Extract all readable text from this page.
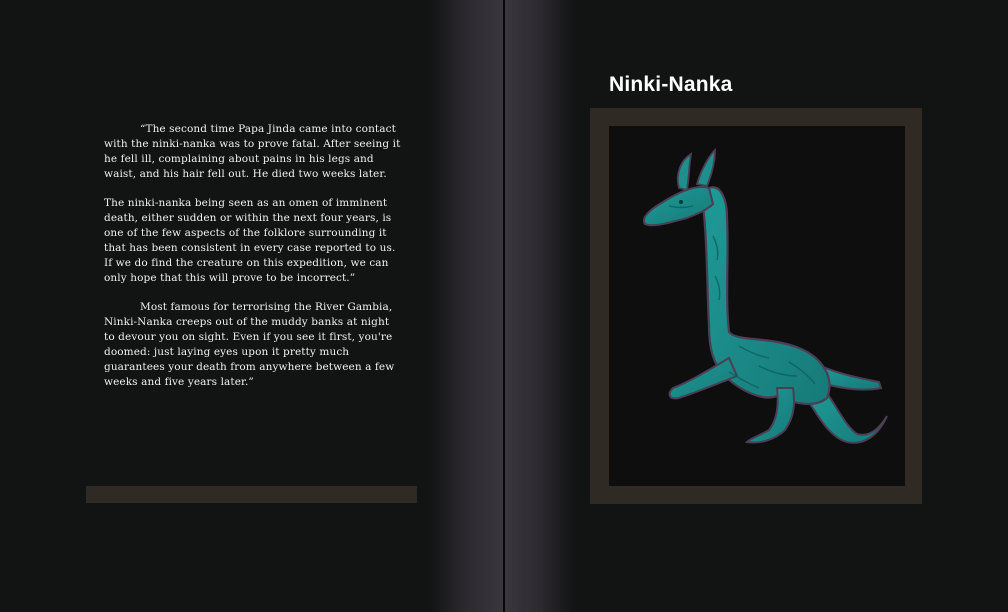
“The second time Papa Jinda came into contact with the ninki-nanka was to prove fatal. After seeing it he fell ill, complaining about pains in his legs and waist, and his hair fell out. He died two weeks later.

The ninki-nanka being seen as an omen of imminent death, either sudden or within the next four years, is one of the few aspects of the folklore surrounding it that has been consistent in every case reported to us. If we do find the creature on this expedition, we can only hope that this will prove to be incorrect.”

Most famous for terrorising the River Gambia, Ninki-Nanka creeps out of the muddy banks at night to devour you on sight. Even if you see it first, you're doomed: just laying eyes upon it pretty much guarantees your death from anywhere between a few weeks and five years later.”

Ninki-Nanka
